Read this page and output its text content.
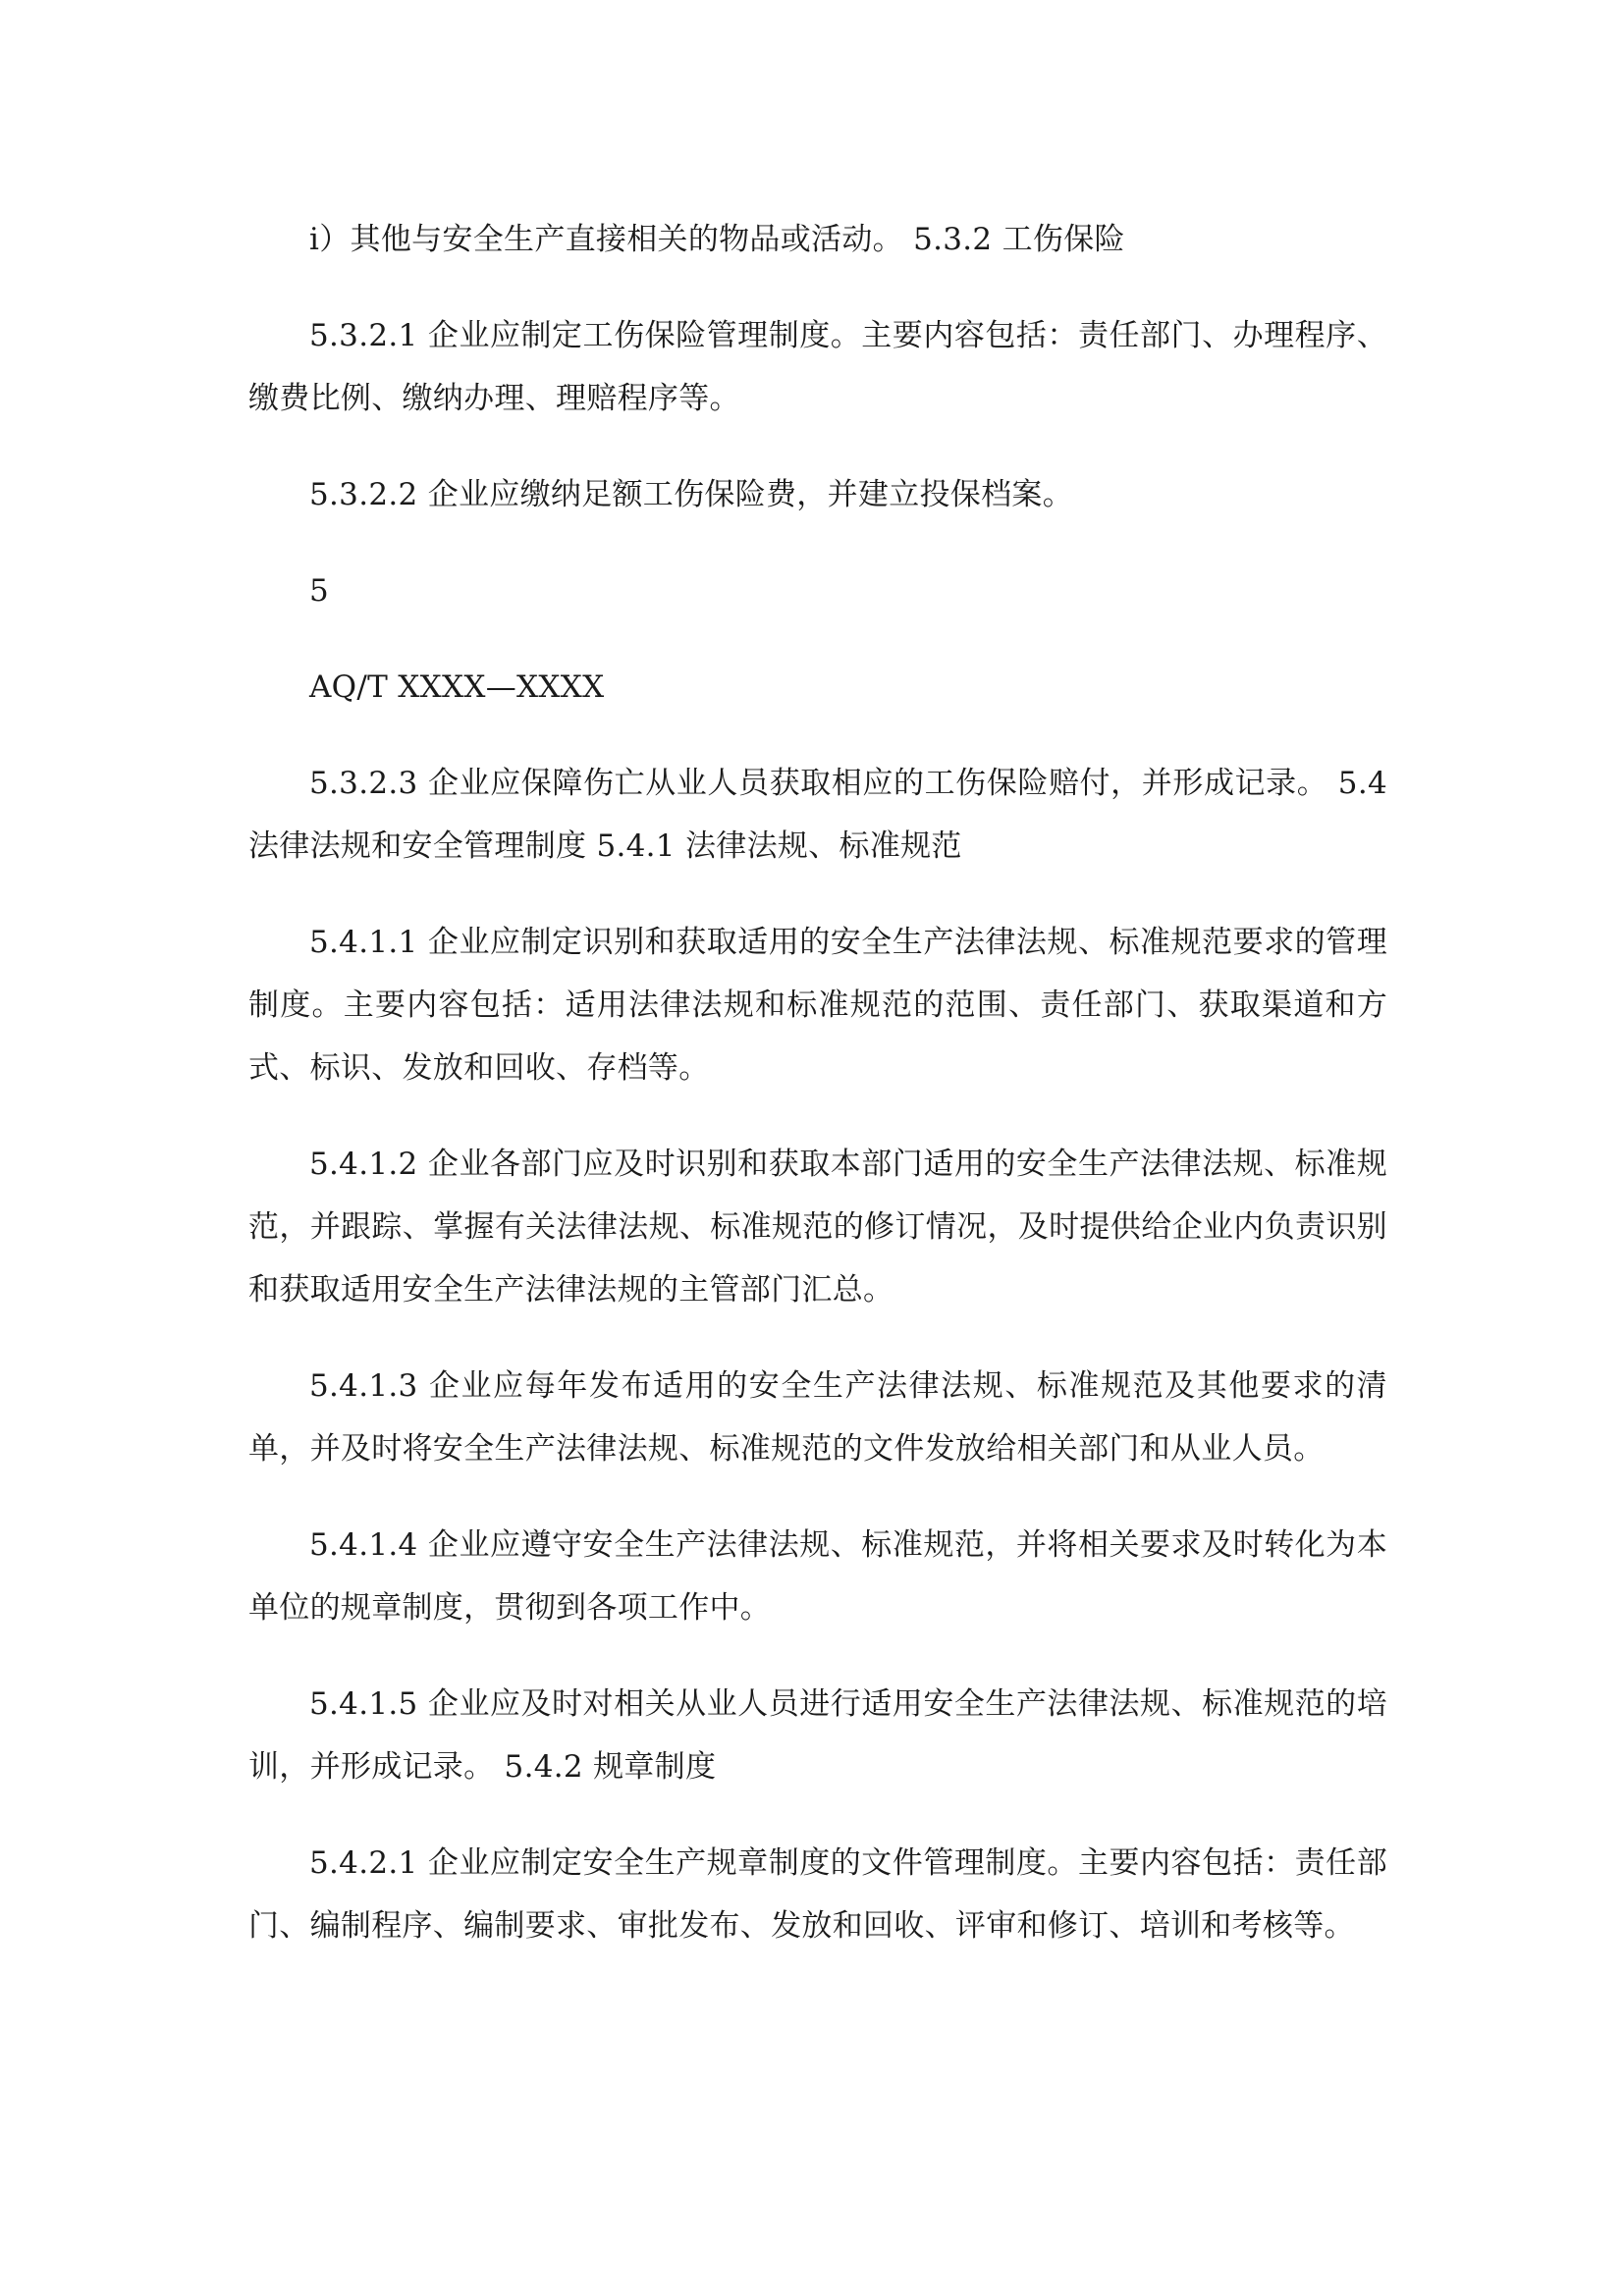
i）其他与安全生产直接相关的物品或活动。 5.3.2 工伤保险

5.3.2.1 企业应制定工伤保险管理制度。主要内容包括：责任部门、办理程序、缴费比例、缴纳办理、理赔程序等。

5.3.2.2 企业应缴纳足额工伤保险费，并建立投保档案。

5

AQ/T XXXX—XXXX

5.3.2.3 企业应保障伤亡从业人员获取相应的工伤保险赔付，并形成记录。 5.4 法律法规和安全管理制度 5.4.1 法律法规、标准规范

5.4.1.1 企业应制定识别和获取适用的安全生产法律法规、标准规范要求的管理制度。主要内容包括：适用法律法规和标准规范的范围、责任部门、获取渠道和方式、标识、发放和回收、存档等。

5.4.1.2 企业各部门应及时识别和获取本部门适用的安全生产法律法规、标准规范，并跟踪、掌握有关法律法规、标准规范的修订情况，及时提供给企业内负责识别和获取适用安全生产法律法规的主管部门汇总。

5.4.1.3 企业应每年发布适用的安全生产法律法规、标准规范及其他要求的清单，并及时将安全生产法律法规、标准规范的文件发放给相关部门和从业人员。

5.4.1.4 企业应遵守安全生产法律法规、标准规范，并将相关要求及时转化为本单位的规章制度，贯彻到各项工作中。

5.4.1.5 企业应及时对相关从业人员进行适用安全生产法律法规、标准规范的培训，并形成记录。 5.4.2 规章制度

5.4.2.1 企业应制定安全生产规章制度的文件管理制度。主要内容包括：责任部门、编制程序、编制要求、审批发布、发放和回收、评审和修订、培训和考核等。
